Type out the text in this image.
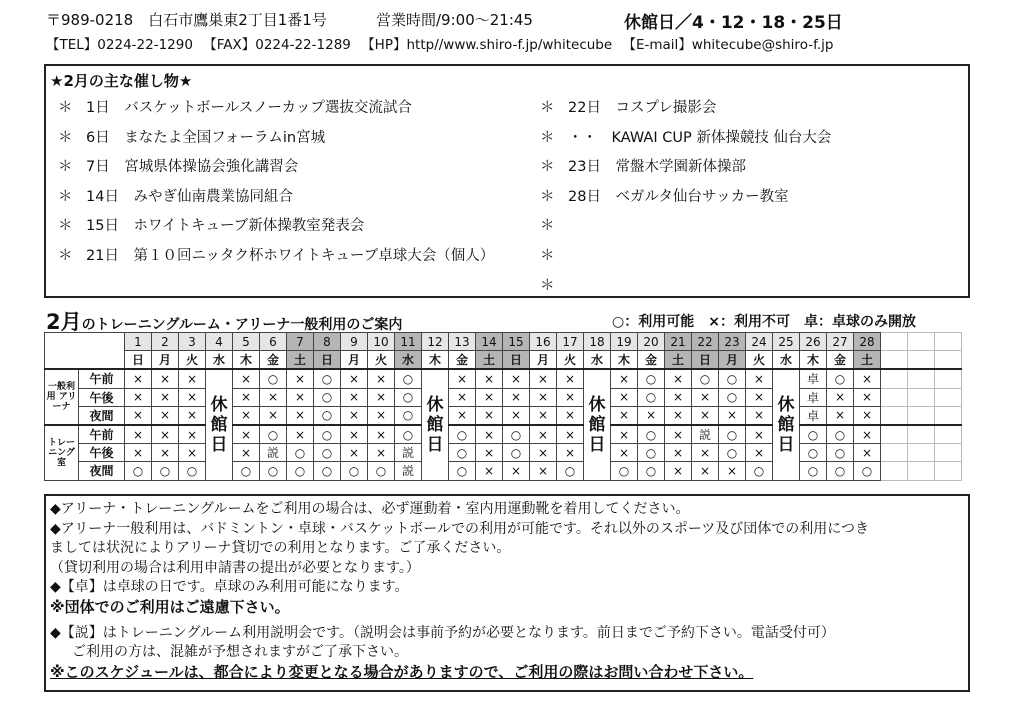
〒989-0218　白石市鷹巣東2丁目1番1号	営業時間/9:00〜21:45	休館日／4・12・18・25日
【TEL】0224-22-1290 【FAX】0224-22-1289 【HP】http//www.shiro-f.jp/whitecube 【E-mail】whitecube@shiro-f.jp
★2月の主な催し物★
＊ 1日　バスケットボールスノーカップ選抜交流試合
＊ 6日　まなたよ全国フォーラムin宮城
＊ 7日　宮城県体操協会強化講習会
＊ 14日　みやぎ仙南農業協同組合
＊ 15日　ホワイトキューブ新体操教室発表会
＊ 21日　第１０回ニッタク杯ホワイトキューブ卓球大会（個人）
＊ 22日　コスプレ撮影会
＊ ・・　KAWAI CUP 新体操競技 仙台大会
＊ 23日　常盤木学園新体操部
＊ 28日　ベガルタ仙台サッカー教室
＊
＊
＊
2月のトレーニングルーム・アリーナ一般利用のご案内	○：利用可能　×：利用不可　卓：卓球のみ開放
		1	2	3	4	5	6	7	8	9	10	11	12	13	14	15	16	17	18	19	20	21	22	23	24	25	26	27	28			
		日	月	火	水	木	金	土	日	月	火	水	木	金	土	日	月	火	水	木	金	土	日	月	火	水	木	金	土			
一般利用 アリーナ	午前	×	×	×	休館日	×	○	×	○	×	×	○	休館日	×	×	×	×	×	休館日	×	○	×	○	○	×	休館日	卓	○	×			
	午後	×	×	×		×	×	×	○	×	×	○		×	×	×	×	×		×	○	×	×	○	×		卓	×	×			
	夜間	×	×	×		×	×	×	○	×	×	○		×	×	×	×	×		×	×	×	×	×	×		卓	×	×			
トレーニング室	午前	×	×	×		×	○	×	○	×	×	○		○	×	○	×	×		×	○	×	説	○	×		○	○	×			
	午後	×	×	×		×	説	○	○	×	×	説		○	×	○	×	×		×	○	×	×	○	×		○	○	×			
	夜間	○	○	○		○	○	○	○	○	○	説		○	×	×	×	○		○	○	×	×	×	○		○	○	○			
◆アリーナ・トレーニングルームをご利用の場合は、必ず運動着・室内用運動靴を着用してください。
◆アリーナ一般利用は、バドミントン・卓球・バスケットボールでの利用が可能です。それ以外のスポーツ及び団体での利用につき
ましては状況によりアリーナ貸切での利用となります。ご了承ください。
（貸切利用の場合は利用申請書の提出が必要となります。）
◆【卓】は卓球の日です。卓球のみ利用可能になります。
※団体でのご利用はご遠慮下さい。
◆【説】はトレーニングルーム利用説明会です。（説明会は事前予約が必要となります。前日までご予約下さい。電話受付可）
ご利用の方は、混雑が予想されますがご了承下さい。
※このスケジュールは、都合により変更となる場合がありますので、ご利用の際はお問い合わせ下さい。
